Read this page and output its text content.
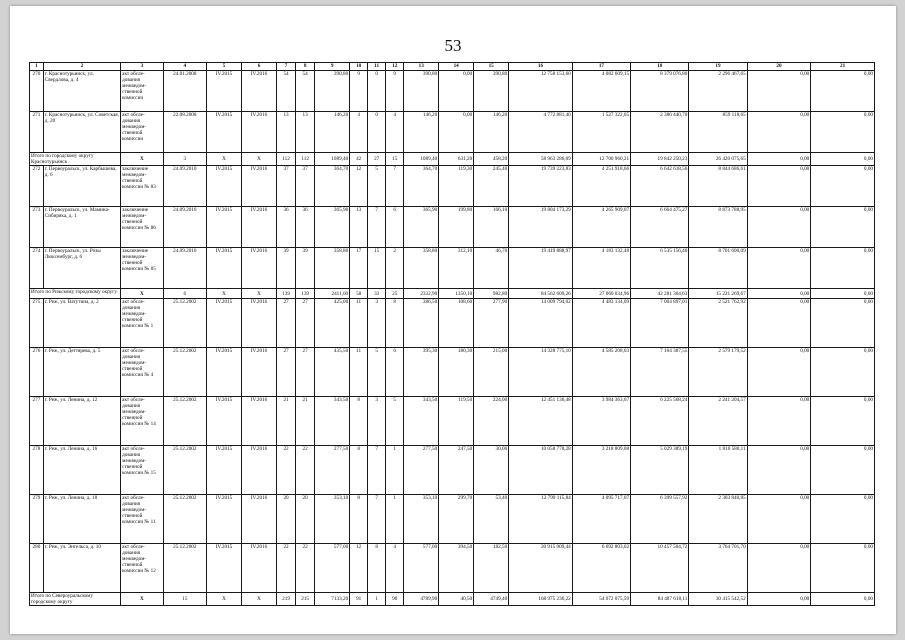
53
1	2	3	4	5	6	7	8	9	10	11	12	13	14	15	16	17	18	19	20	21
270	г. Краснотурьинск, ул. Свердлова, д. 4	акт обсле-дования межведом-ственной комиссии	24.01.2008	IV.2015	IV.2016	54	54	390,80	9	0	9	390,80	0,00	390,80	12 758 153,60	4 082 609,15	8 379 076,80	2 296 467,65	0,00	0,00
271	г. Краснотурьинск, ул. Советская, д. 20	акт обсле-дования межведом-ственной комиссии	22.08.2008	IV.2015	IV.2016	13	13	146,20	4	0	4	146,20	0,00	146,20	4 772 881,40	1 527 322,05	2 386 440,70	859 118,65	0,00	0,00
Итого по городскому округу Краснотурьинск		X	3	X	X	112	112	1089,40	42	27	15	1089,40	631,20	458,20	58 963 286,09	12 700 960,21	19 842 250,23	26 420 075,65	0,00	0,00
272	г. Первоуральск, ул. Карбышева, д. 6	заключение межведом-ственной комиссии № 83	24.09.2010	IV.2015	IV.2016	37	37	364,70	12	5	7	364,70	119,30	245,40	19 739 223,83	4 251 918,66	6 642 618,56	8 844 686,61	0,00	0,00
273	г. Первоуральск, ул. Мамина-Сибиряка, д. 1	заключение межведом-ственной комиссии № 86	24.09.2010	IV.2015	IV.2016	36	36	365,90	13	7	6	365,90	199,80	166,10	19 804 173,29	4 265 909,07	6 664 475,27	8 873 788,95	0,00	0,00
274	г. Первоуральск, ул. Розы Люксембург, д. 6	заключение межведом-ственной комиссии № 85	24.09.2010	IV.2015	IV.2016	39	39	358,80	17	15	2	358,80	312,10	46,70	19 419 888,97	4 183 132,48	6 535 156,40	8 701 600,09	0,00	0,00
Итого по Рижскому городскому округу		X	6	X	X	139	139	2411,60	58	33	25	2332,90	1350,10	982,80	84 562 609,26	27 060 034,96	42 281 304,63	15 221 269,67	0,00	0,00
275	г. Реж, ул. Ватутина, д. 2	акт обсле-дования межведом-ственной комиссии № 1	25.12.2002	IV.2015	IV.2016	27	27	425,00	11	3	8	386,50	108,60	277,90	14 009 794,02	4 483 134,09	7 004 897,01	2 521 762,92	0,00	0,00
276	г. Реж, ул. Дегтярева, д. 5	акт обсле-дования межведом-ственной комиссии № 4	25.12.2002	IV.2015	IV.2016	27	27	435,50	11	5	6	395,30	180,30	215,00	14 328 775,10	4 585 208,03	7 164 387,55	2 579 179,52	0,00	0,00
277	г. Реж, ул. Ленина, д. 12	акт обсле-дования межведом-ственной комиссии № 14	25.12.2002	IV.2015	IV.2016	21	21	343,50	8	3	5	343,50	119,50	224,00	12 451 136,48	3 984 363,67	6 225 568,24	2 241 204,57	0,00	0,00
278	г. Реж, ул. Ленина, д. 16	акт обсле-дования межведом-ственной комиссии № 15	25.12.2002	IV.2015	IV.2016	22	22	277,50	8	7	1	277,50	247,50	30,00	10 058 778,28	3 218 809,08	5 029 389,19	1 810 580,11	0,00	0,00
279	г. Реж, ул. Ленина, д. 18	акт обсле-дования межведом-ственной комиссии № 11	25.12.2002	IV.2015	IV.2016	20	20	353,10	8	7	1	353,10	299,70	53,40	12 799 115,84	4 095 717,07	6 399 557,92	2 303 840,85	0,00	0,00
280	г. Реж, ул. Энгельса, д. 10	акт обсле-дования межведом-ственной комиссии № 12	25.12.2002	IV.2015	IV.2016	22	22	577,00	12	8	4	577,00	394,50	182,50	20 915 009,44	6 692 803,02	10 457 504,72	3 764 701,70	0,00	0,00
Итого по Североуральскому городскому округу		X	15	X	X	219	215	7133,20	91	1	90	4789,90	40,50	4749,40	168 975 236,22	54 072 075,59	84 487 618,11	30 415 542,52	0,00	0,00
